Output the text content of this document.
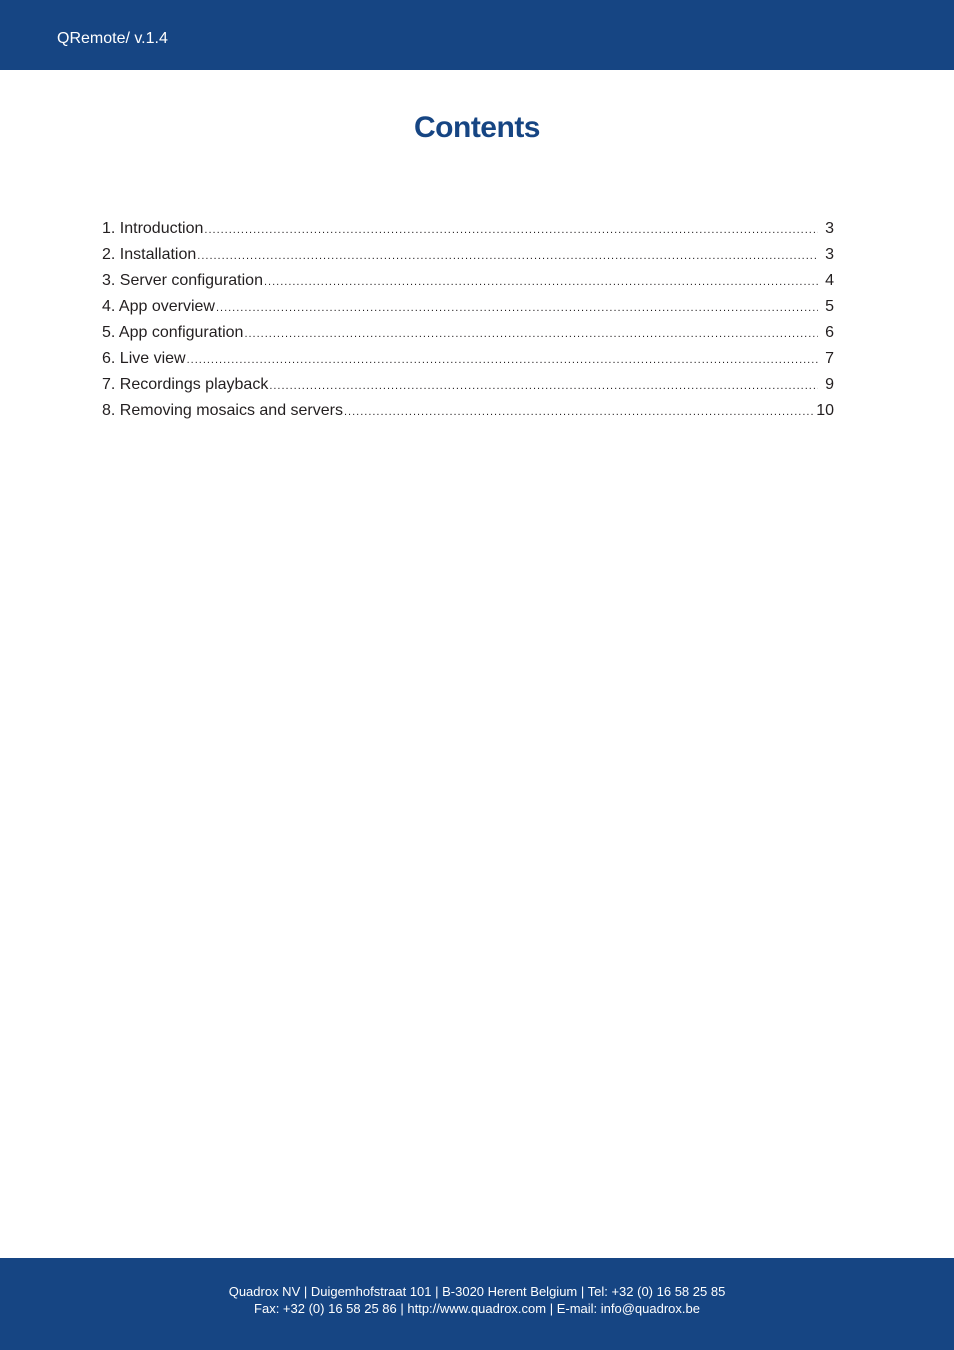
QRemote/ v.1.4
Contents
1. Introduction .....	3
2. Installation .....	3
3. Server configuration .....	4
4. App overview .....	5
5. App configuration .....	6
6. Live view .....	7
7. Recordings playback .....	9
8. Removing mosaics and servers .....	10
Quadrox NV | Duigemhofstraat 101 | B-3020 Herent Belgium | Tel: +32 (0) 16 58 25 85
Fax: +32 (0) 16 58 25 86 | http://www.quadrox.com | E-mail: info@quadrox.be
